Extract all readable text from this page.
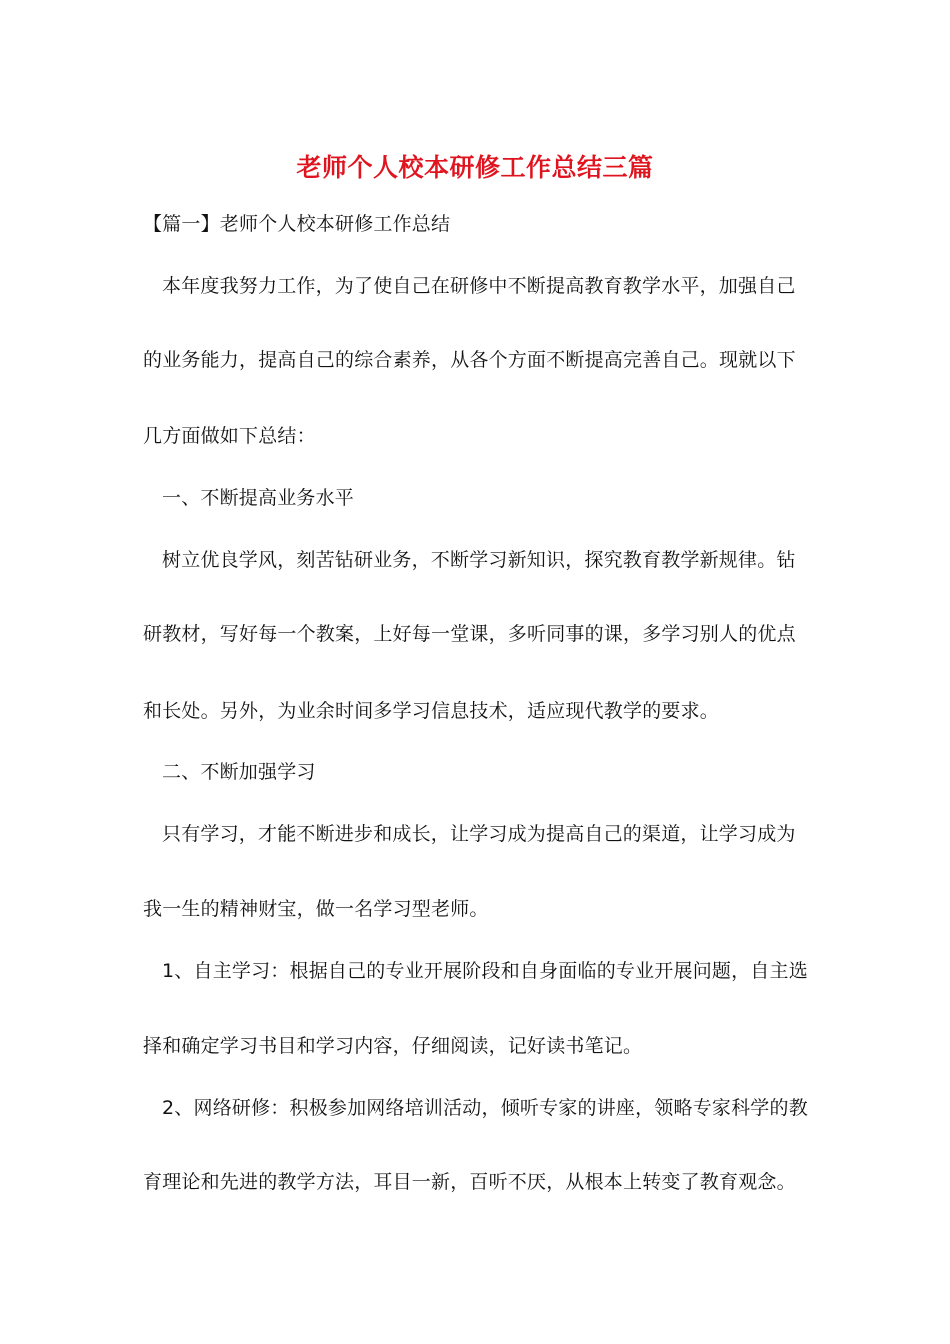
老师个人校本研修工作总结三篇
【篇一】老师个人校本研修工作总结
本年度我努力工作，为了使自己在研修中不断提高教育教学水平，加强自己
的业务能力，提高自己的综合素养，从各个方面不断提高完善自己。现就以下
几方面做如下总结：
一、不断提高业务水平
树立优良学风，刻苦钻研业务，不断学习新知识，探究教育教学新规律。钻
研教材，写好每一个教案，上好每一堂课，多听同事的课，多学习别人的优点
和长处。另外，为业余时间多学习信息技术，适应现代教学的要求。
二、不断加强学习
只有学习，才能不断进步和成长，让学习成为提高自己的渠道，让学习成为
我一生的精神财宝，做一名学习型老师。
1、自主学习：根据自己的专业开展阶段和自身面临的专业开展问题，自主选
择和确定学习书目和学习内容，仔细阅读，记好读书笔记。
2、网络研修：积极参加网络培训活动，倾听专家的讲座，领略专家科学的教
育理论和先进的教学方法，耳目一新，百听不厌，从根本上转变了教育观念。
